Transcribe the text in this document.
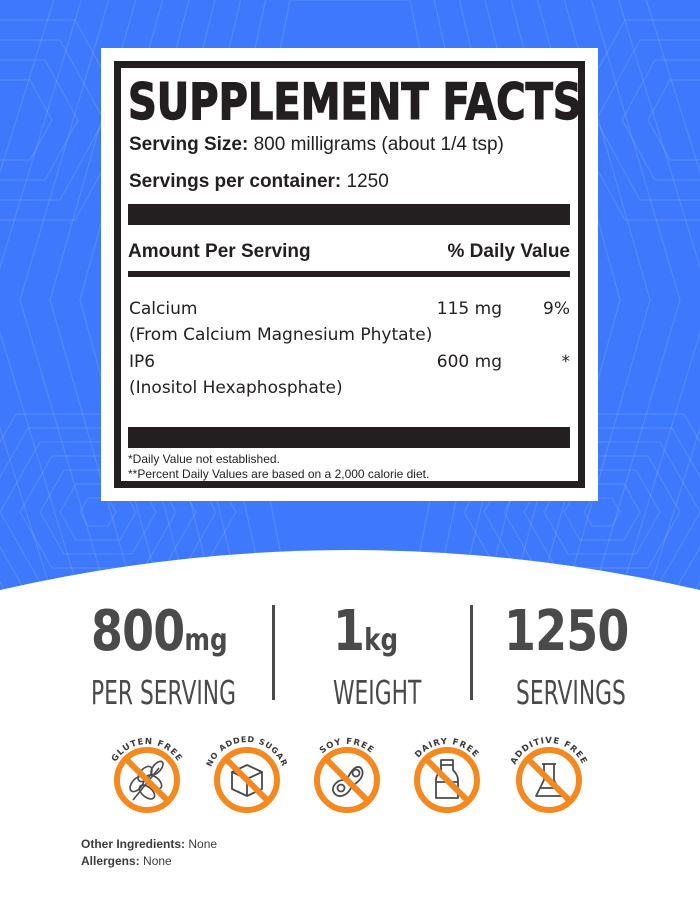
SUPPLEMENT FACTS
Serving Size: 800 milligrams (about 1/4 tsp)
Servings per container: 1250
Amount Per Serving	% Daily Value
Calcium	115 mg 9%
(From Calcium Magnesium Phytate)
IP6	600 mg	*
(Inositol Hexaphosphate)
*Daily Value not established.
**Percent Daily Values are based on a 2,000 calorie diet.
800mg
PER SERVING
1kg
WEIGHT
1250
SERVINGS
GLUTEN FREE	NO ADDED SUGAR
SOY FREE	DAIRY FREE
ADDITIVE FREE
Other Ingredients: None
Allergens: None
